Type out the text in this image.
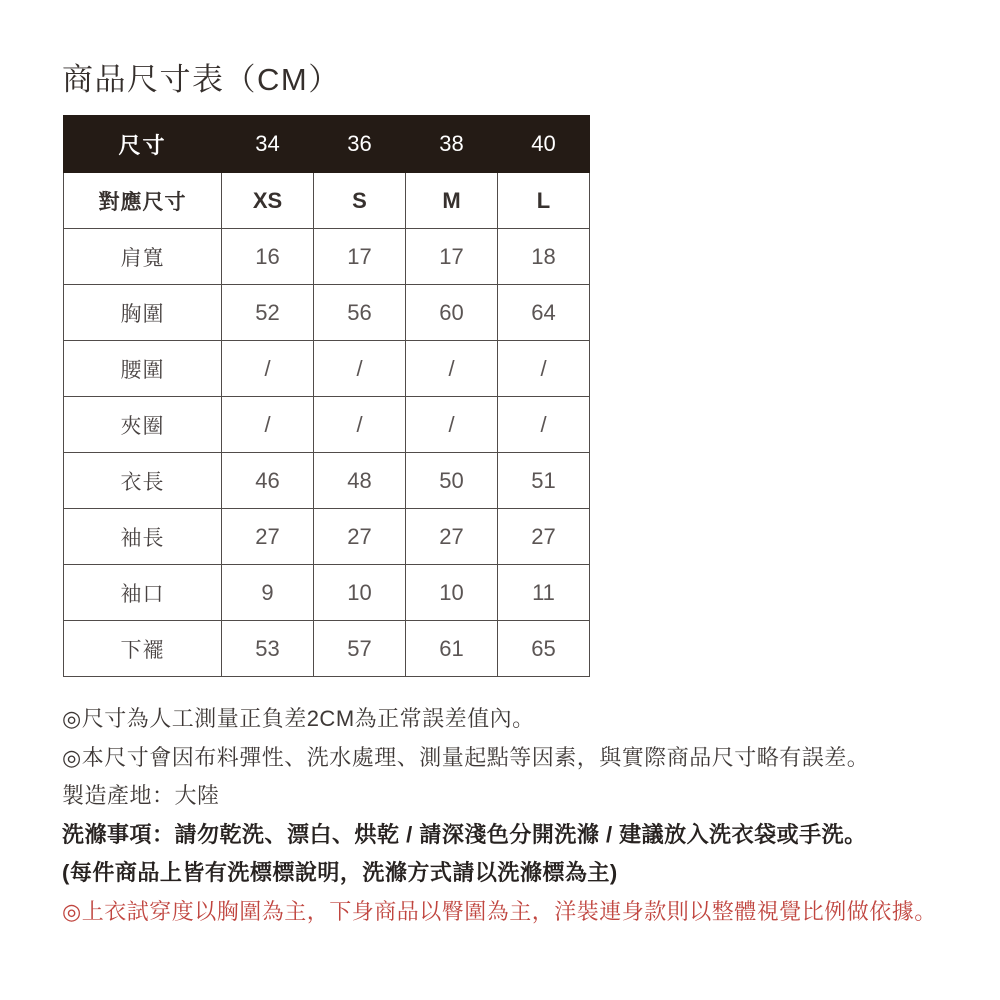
商品尺寸表（CM）
尺寸	34	36	38	40
對應尺寸	XS	S	M	L
肩寬	16	17	17	18
胸圍	52	56	60	64
腰圍	/	/	/	/
夾圈	/	/	/	/
衣長	46	48	50	51
袖長	27	27	27	27
袖口	9	10	10	11
下襬	53	57	61	65

◎尺寸為人工測量正負差2CM為正常誤差值內。

◎本尺寸會因布料彈性、洗水處理、測量起點等因素，與實際商品尺寸略有誤差。

製造產地：大陸

洗滌事項：請勿乾洗、漂白、烘乾 / 請深淺色分開洗滌 / 建議放入洗衣袋或手洗。

(每件商品上皆有洗標標說明，洗滌方式請以洗滌標為主)

◎上衣試穿度以胸圍為主，下身商品以臀圍為主，洋裝連身款則以整體視覺比例做依據。
